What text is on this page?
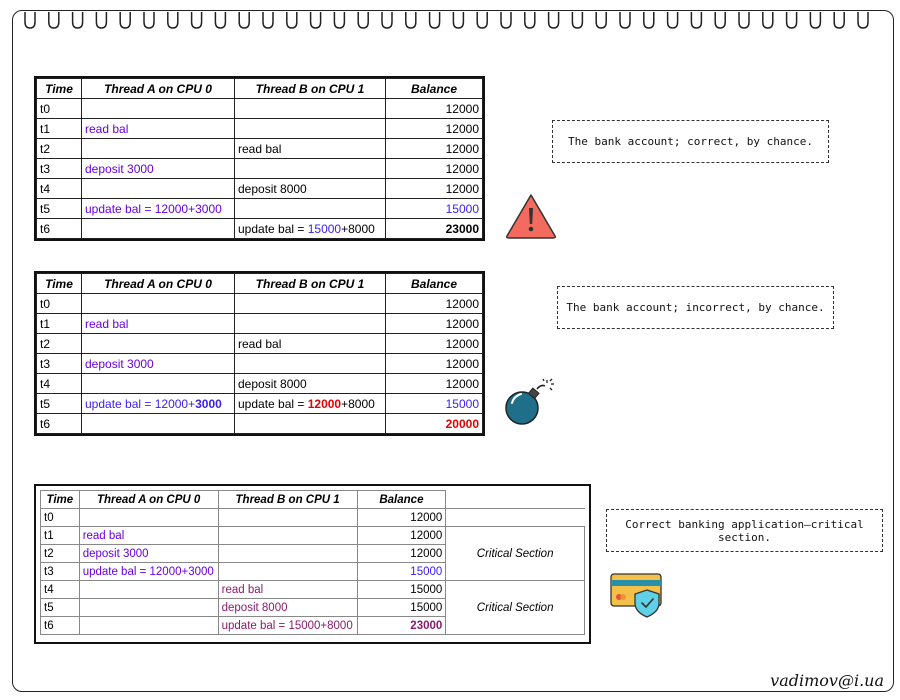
Time	Thread A on CPU 0	Thread B on CPU 1	Balance
t0			12000
t1	read bal		12000
t2		read bal	12000
t3	deposit 3000		12000
t4		deposit 8000	12000
t5	update bal = 12000+3000		15000
t6		update bal = 15000+8000	23000
Time	Thread A on CPU 0	Thread B on CPU 1	Balance
t0			12000
t1	read bal		12000
t2		read bal	12000
t3	deposit 3000		12000
t4		deposit 8000	12000
t5	update bal = 12000+3000	update bal = 12000+8000	15000
t6			20000
Time	Thread A on CPU 0	Thread B on CPU 1	Balance	
t0			12000	
t1	read bal		12000	Critical Section
t2	deposit 3000		12000	
t3	update bal = 12000+3000		15000	
t4		read bal	15000	Critical Section
t5		deposit 8000	15000	
t6		update bal = 15000+8000	23000	
The bank account; correct, by chance.
The bank account; incorrect, by chance.
Correct banking application—critical section.
vadimov@i.ua
